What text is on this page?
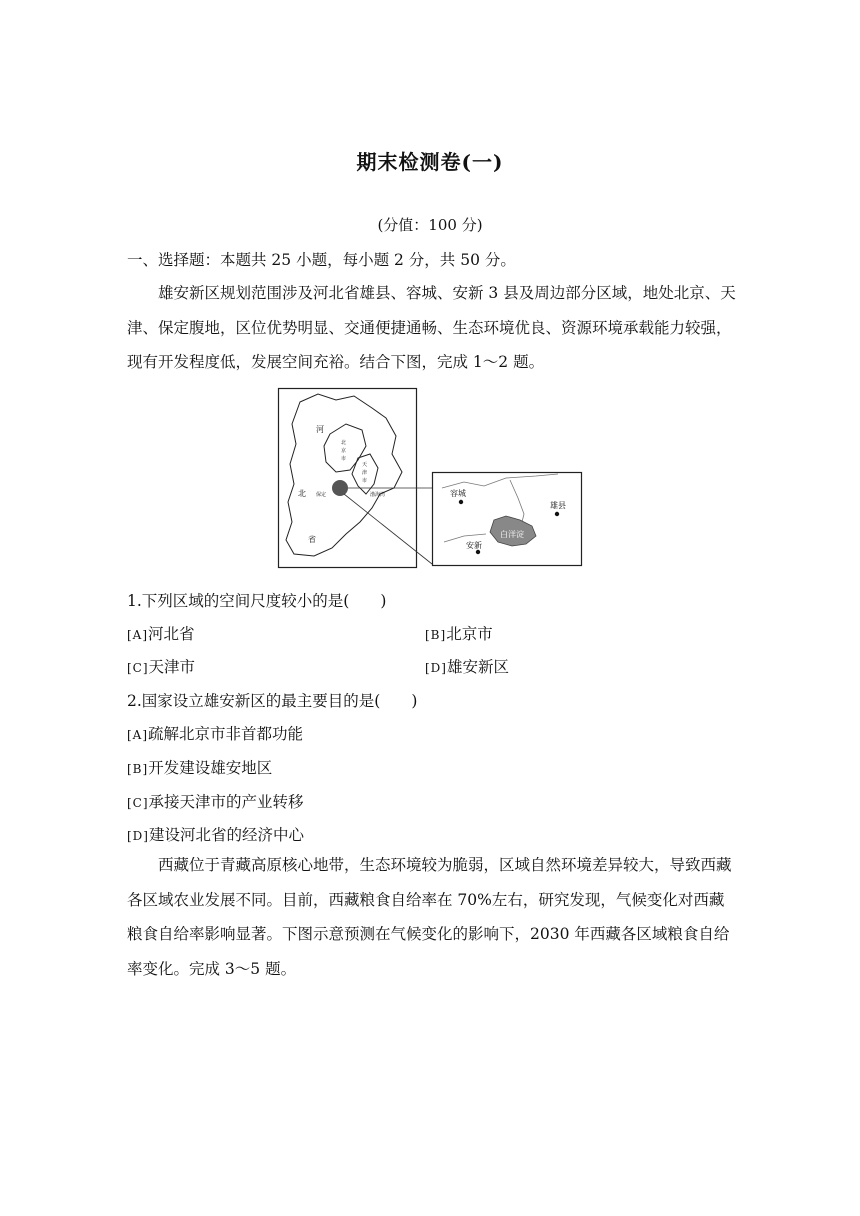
期末检测卷(一)
(分值：100 分)
一、选择题：本题共 25 小题，每小题 2 分，共 50 分。
雄安新区规划范围涉及河北省雄县、容城、安新 3 县及周边部分区域，地处北京、天津、保定腹地，区位优势明显、交通便捷通畅、生态环境优良、资源环境承载能力较强，现有开发程度低，发展空间充裕。结合下图，完成 1～2 题。
河
北
省
北
京
市
天
津
市
保定	渤海湾	容城
雄县
安新
白洋淀
1.下列区域的空间尺度较小的是(　　)
[A]河北省	[B]北京市
[C]天津市	[D]雄安新区
2.国家设立雄安新区的最主要目的是(　　)
[A]疏解北京市非首都功能
[B]开发建设雄安地区
[C]承接天津市的产业转移
[D]建设河北省的经济中心
西藏位于青藏高原核心地带，生态环境较为脆弱，区域自然环境差异较大，导致西藏各区域农业发展不同。目前，西藏粮食自给率在 70%左右，研究发现，气候变化对西藏粮食自给率影响显著。下图示意预测在气候变化的影响下，2030 年西藏各区域粮食自给率变化。完成 3～5 题。
